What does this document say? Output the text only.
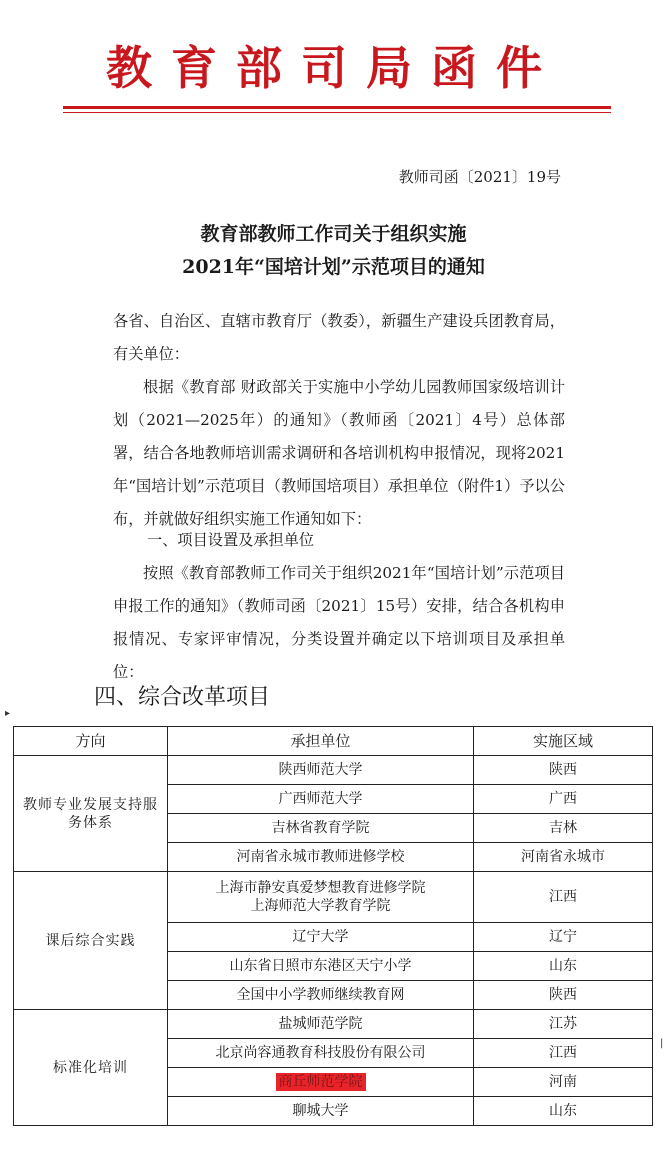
教育部司局函件
教师司函〔2021〕19号
教育部教师工作司关于组织实施
2021年“国培计划”示范项目的通知
各省、自治区、直辖市教育厅（教委），新疆生产建设兵团教育局，有关单位：
根据《教育部 财政部关于实施中小学幼儿园教师国家级培训计划（2021—2025年）的通知》（教师函〔2021〕4号）总体部署，结合各地教师培训需求调研和各培训机构申报情况，现将2021年“国培计划”示范项目（教师国培项目）承担单位（附件1）予以公布，并就做好组织实施工作通知如下：
一、项目设置及承担单位
按照《教育部教师工作司关于组织2021年“国培计划”示范项目申报工作的通知》（教师司函〔2021〕15号）安排，结合各机构申报情况、专家评审情况，分类设置并确定以下培训项目及承担单位：
四、综合改革项目
▸
|
方向	承担单位	实施区域
教师专业发展支持服务体系	陕西师范大学	陕西
	广西师范大学	广西
	吉林省教育学院	吉林
	河南省永城市教师进修学校	河南省永城市
课后综合实践	上海市静安真爱梦想教育进修学院
上海师范大学教育学院	江西
	辽宁大学	辽宁
	山东省日照市东港区天宁小学	山东
	全国中小学教师继续教育网	陕西
标准化培训	盐城师范学院	江苏
	北京尚容通教育科技股份有限公司	江西
	商丘师范学院	河南
	聊城大学	山东
